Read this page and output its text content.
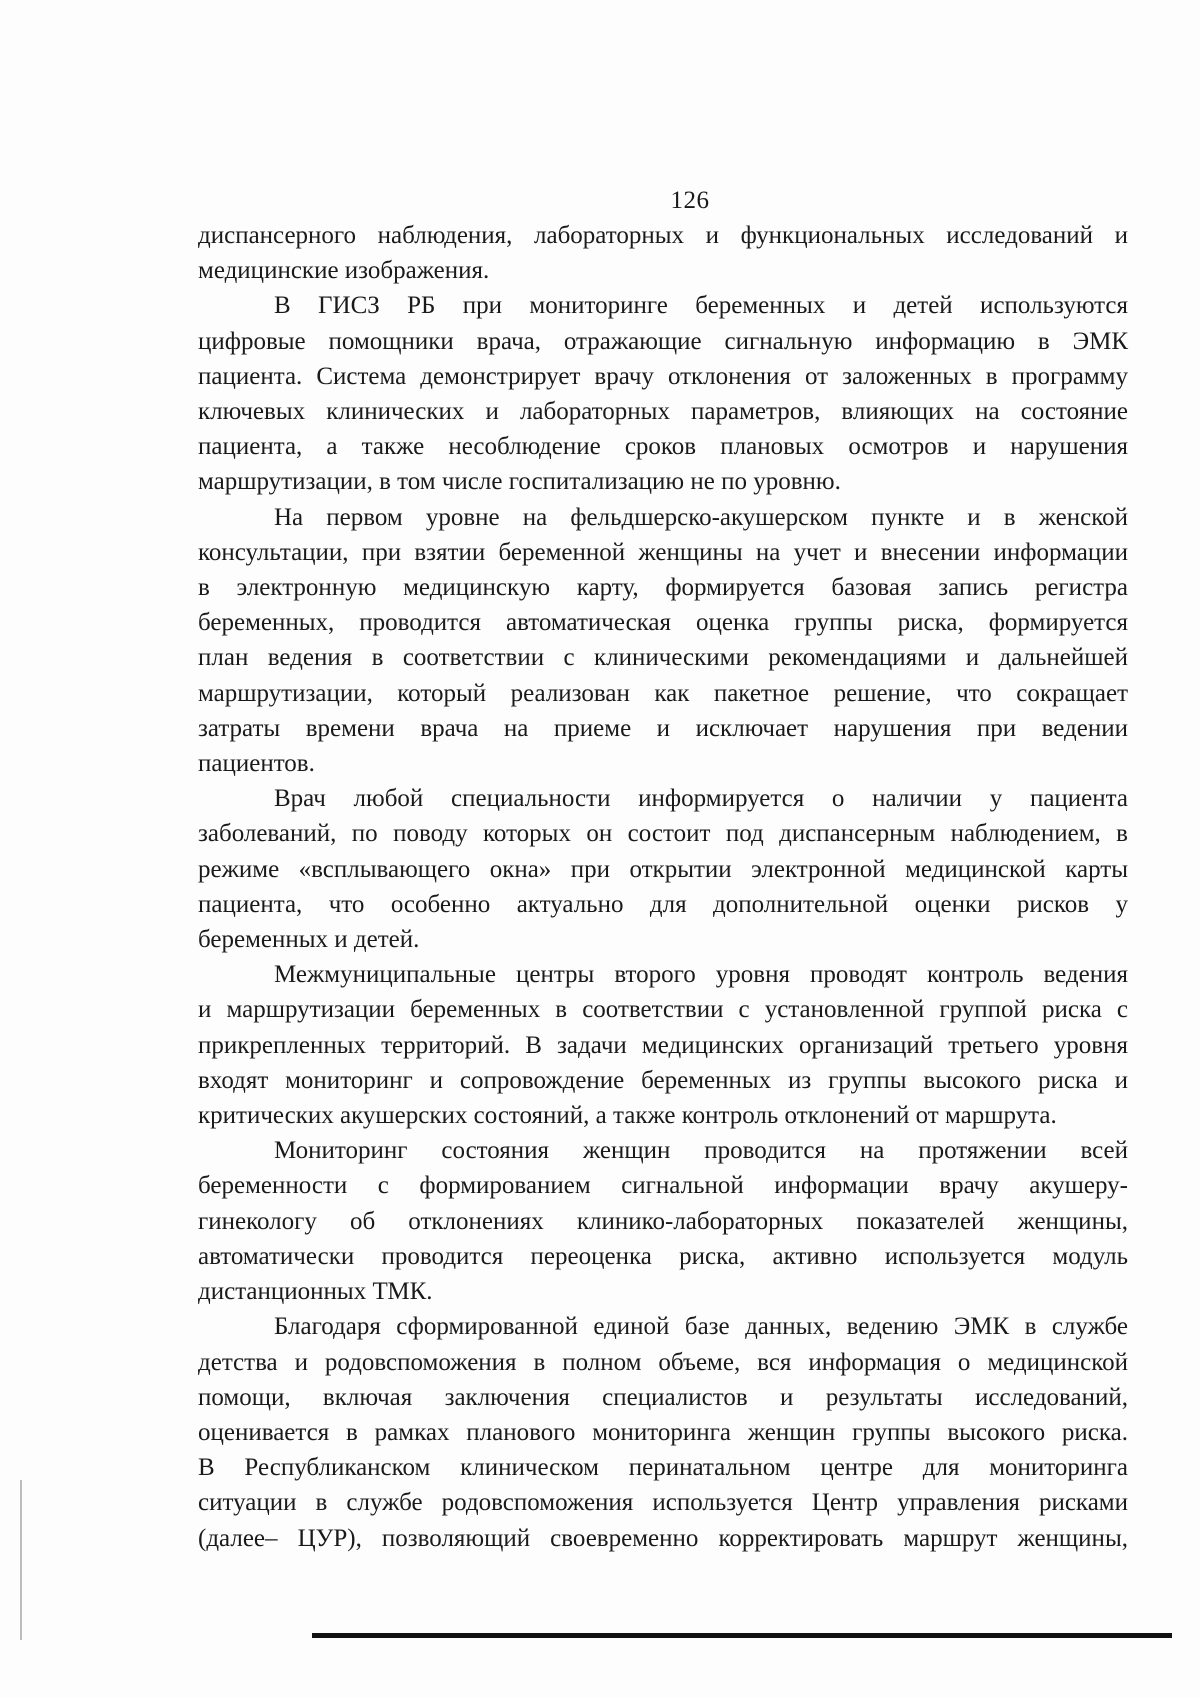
126
диспансерного наблюдения, лабораторных и функциональных исследований и
медицинские изображения.
В ГИСЗ РБ при мониторинге беременных и детей используются
цифровые помощники врача, отражающие сигнальную информацию в ЭМК
пациента. Система демонстрирует врачу отклонения от заложенных в программу
ключевых клинических и лабораторных параметров, влияющих на состояние
пациента, а также несоблюдение сроков плановых осмотров и нарушения
маршрутизации, в том числе госпитализацию не по уровню.
На первом уровне на фельдшерско-акушерском пункте и в женской
консультации, при взятии беременной женщины на учет и внесении информации
в электронную медицинскую карту, формируется базовая запись регистра
беременных, проводится автоматическая оценка группы риска, формируется
план ведения в соответствии с клиническими рекомендациями и дальнейшей
маршрутизации, который реализован как пакетное решение, что сокращает
затраты времени врача на приеме и исключает нарушения при ведении
пациентов.
Врач любой специальности информируется о наличии у пациента
заболеваний, по поводу которых он состоит под диспансерным наблюдением, в
режиме «всплывающего окна» при открытии электронной медицинской карты
пациента, что особенно актуально для дополнительной оценки рисков у
беременных и детей.
Межмуниципальные центры второго уровня проводят контроль ведения
и маршрутизации беременных в соответствии с установленной группой риска с
прикрепленных территорий. В задачи медицинских организаций третьего уровня
входят мониторинг и сопровождение беременных из группы высокого риска и
критических акушерских состояний, а также контроль отклонений от маршрута.
Мониторинг состояния женщин проводится на протяжении всей
беременности с формированием сигнальной информации врачу акушеру-
гинекологу об отклонениях клинико-лабораторных показателей женщины,
автоматически проводится переоценка риска, активно используется модуль
дистанционных ТМК.
Благодаря сформированной единой базе данных, ведению ЭМК в службе
детства и родовспоможения в полном объеме, вся информация о медицинской
помощи, включая заключения специалистов и результаты исследований,
оценивается в рамках планового мониторинга женщин группы высокого риска.
В Республиканском клиническом перинатальном центре для мониторинга
ситуации в службе родовспоможения используется Центр управления рисками
(далее– ЦУР), позволяющий своевременно корректировать маршрут женщины,
